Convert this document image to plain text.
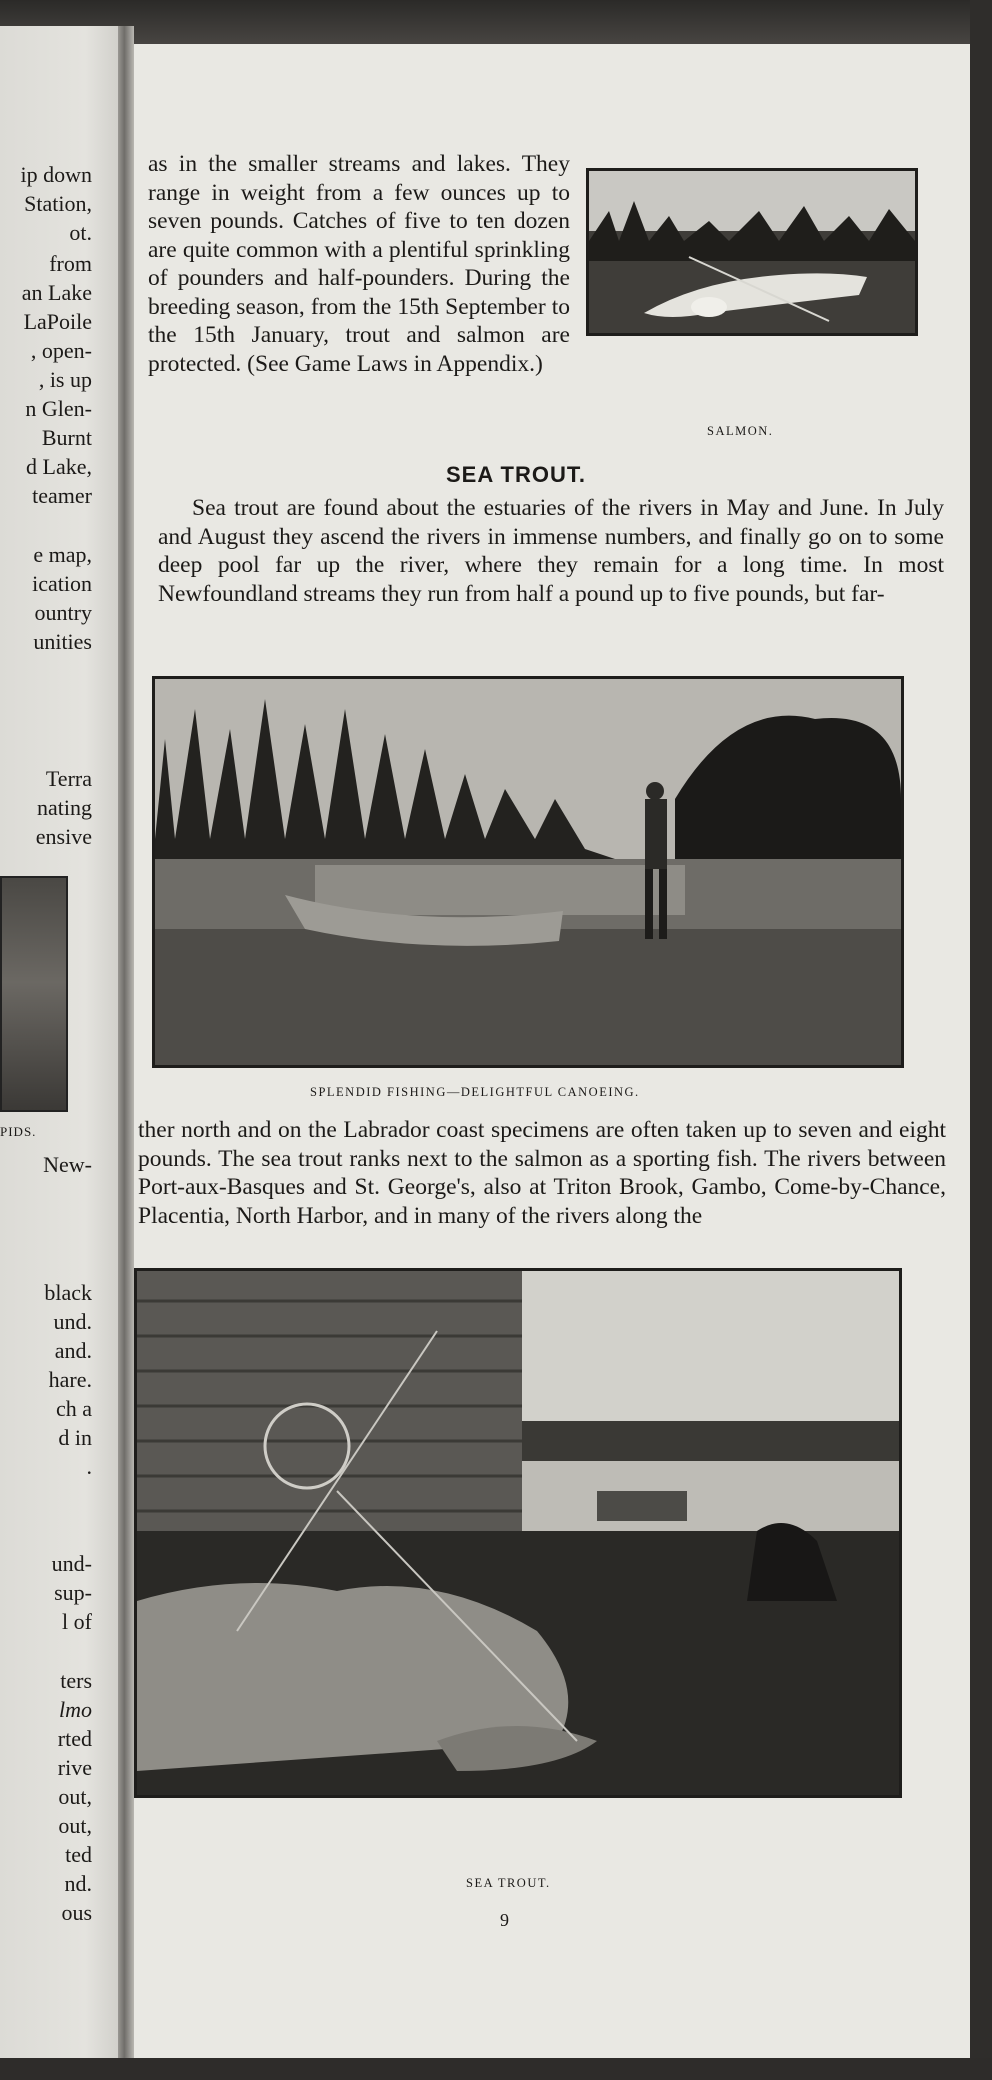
ip down
Station,
ot.
from
an Lake
LaPoile
, open-
, is up
n Glen-
Burnt
d Lake,
teamer
e map,
ication
ountry
unities
Terra
nating
ensive
PIDS.
New-
black
und.
and.
hare.
ch a
d in
.
und-
sup-
l of
ters
lmo
rted
rive
out,
out,
ted
nd.
ous

as in the smaller streams and lakes. They range in weight from a few ounces up to seven pounds. Catches of five to ten dozen are quite common with a plentiful sprinkling of pounders and half-pounders. During the breeding season, from the 15th September to the 15th January, trout and salmon are protected. (See Game Laws in Appendix.)

SALMON.
SEA TROUT.

Sea trout are found about the estuaries of the rivers in May and June. In July and August they ascend the rivers in immense numbers, and finally go on to some deep pool far up the river, where they remain for a long time. In most Newfoundland streams they run from half a pound up to five pounds, but far-

SPLENDID FISHING—DELIGHTFUL CANOEING.

ther north and on the Labrador coast specimens are often taken up to seven and eight pounds. The sea trout ranks next to the salmon as a sporting fish. The rivers between Port-aux-Basques and St. George's, also at Triton Brook, Gambo, Come-by-Chance, Placentia, North Harbor, and in many of the rivers along the

SEA TROUT.
9
